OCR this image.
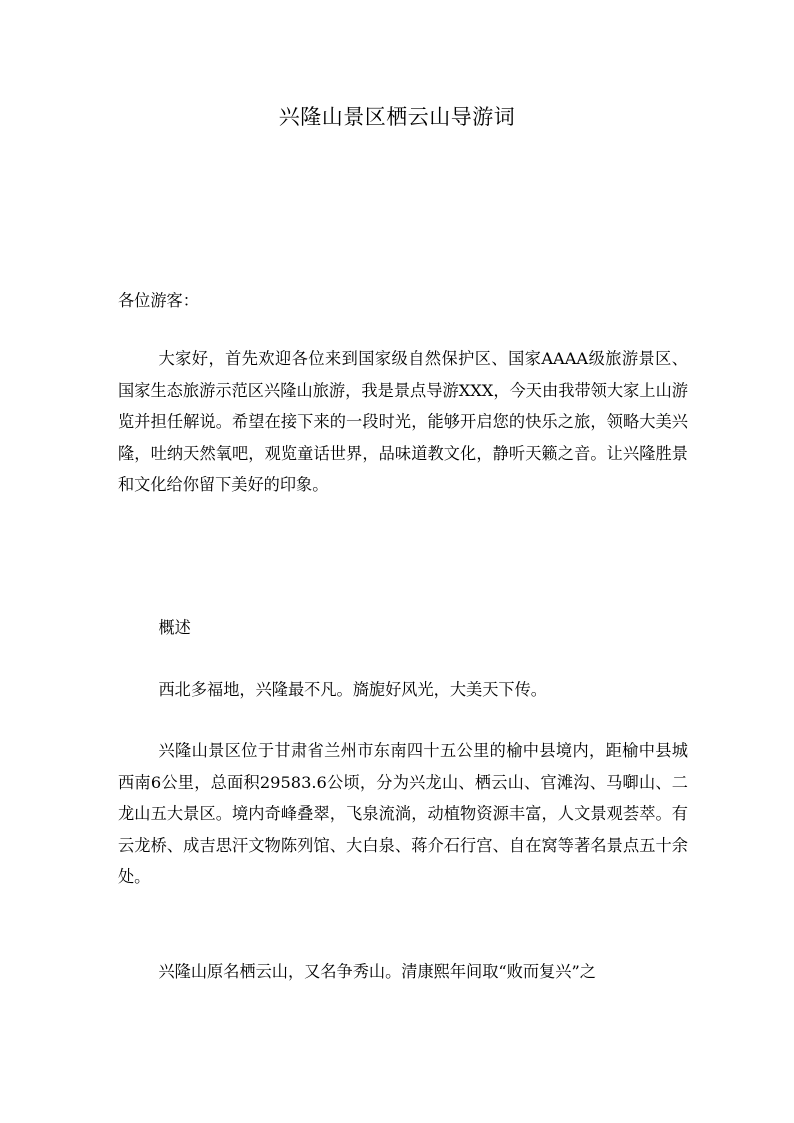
兴隆山景区栖云山导游词

各位游客：

大家好，首先欢迎各位来到国家级自然保护区、国家AAAA级旅游景区、国家生态旅游示范区兴隆山旅游，我是景点导游XXX，今天由我带领大家上山游览并担任解说。希望在接下来的一段时光，能够开启您的快乐之旅，领略大美兴隆，吐纳天然氧吧，观览童话世界，品味道教文化，静听天籁之音。让兴隆胜景和文化给你留下美好的印象。

概述

西北多福地，兴隆最不凡。旖旎好风光，大美天下传。

兴隆山景区位于甘肃省兰州市东南四十五公里的榆中县境内，距榆中县城西南6公里，总面积29583.6公顷，分为兴龙山、栖云山、官滩沟、马啣山、二龙山五大景区。境内奇峰叠翠，飞泉流淌，动植物资源丰富，人文景观荟萃。有云龙桥、成吉思汗文物陈列馆、大白泉、蒋介石行宫、自在窝等著名景点五十余处。

兴隆山原名栖云山，又名争秀山。清康熙年间取“败而复兴”之
